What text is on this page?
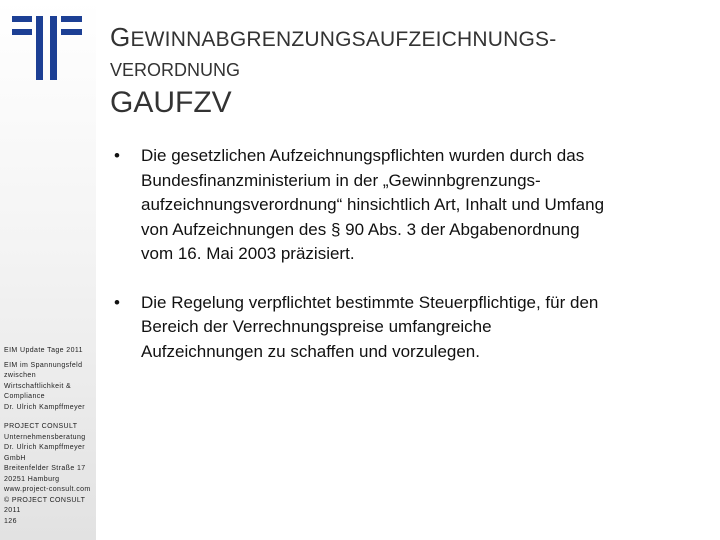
EIM Update Tage 2011
EIM im Spannungsfeld
zwischen
Wirtschaftlichkeit &
Compliance
Dr. Ulrich Kampffmeyer
PROJECT CONSULT
Unternehmensberatung
Dr. Ulrich Kampffmeyer
GmbH
Breitenfelder Straße 17
20251 Hamburg
www.project-consult.com
© PROJECT CONSULT
2011
126
GEWINNABGRENZUNGSAUFZEICHNUNGS-
VERORDNUNG
GAUFZV
• Die gesetzlichen Aufzeichnungspflichten wurden durch das
Bundesfinanzministerium in der „Gewinnbgrenzungs-
aufzeichnungsverordnung“ hinsichtlich Art, Inhalt und Umfang
von Aufzeichnungen des § 90 Abs. 3 der Abgabenordnung
vom 16. Mai 2003 präzisiert.
• Die Regelung verpflichtet bestimmte Steuerpflichtige, für den
Bereich der Verrechnungspreise umfangreiche
Aufzeichnungen zu schaffen und vorzulegen.
